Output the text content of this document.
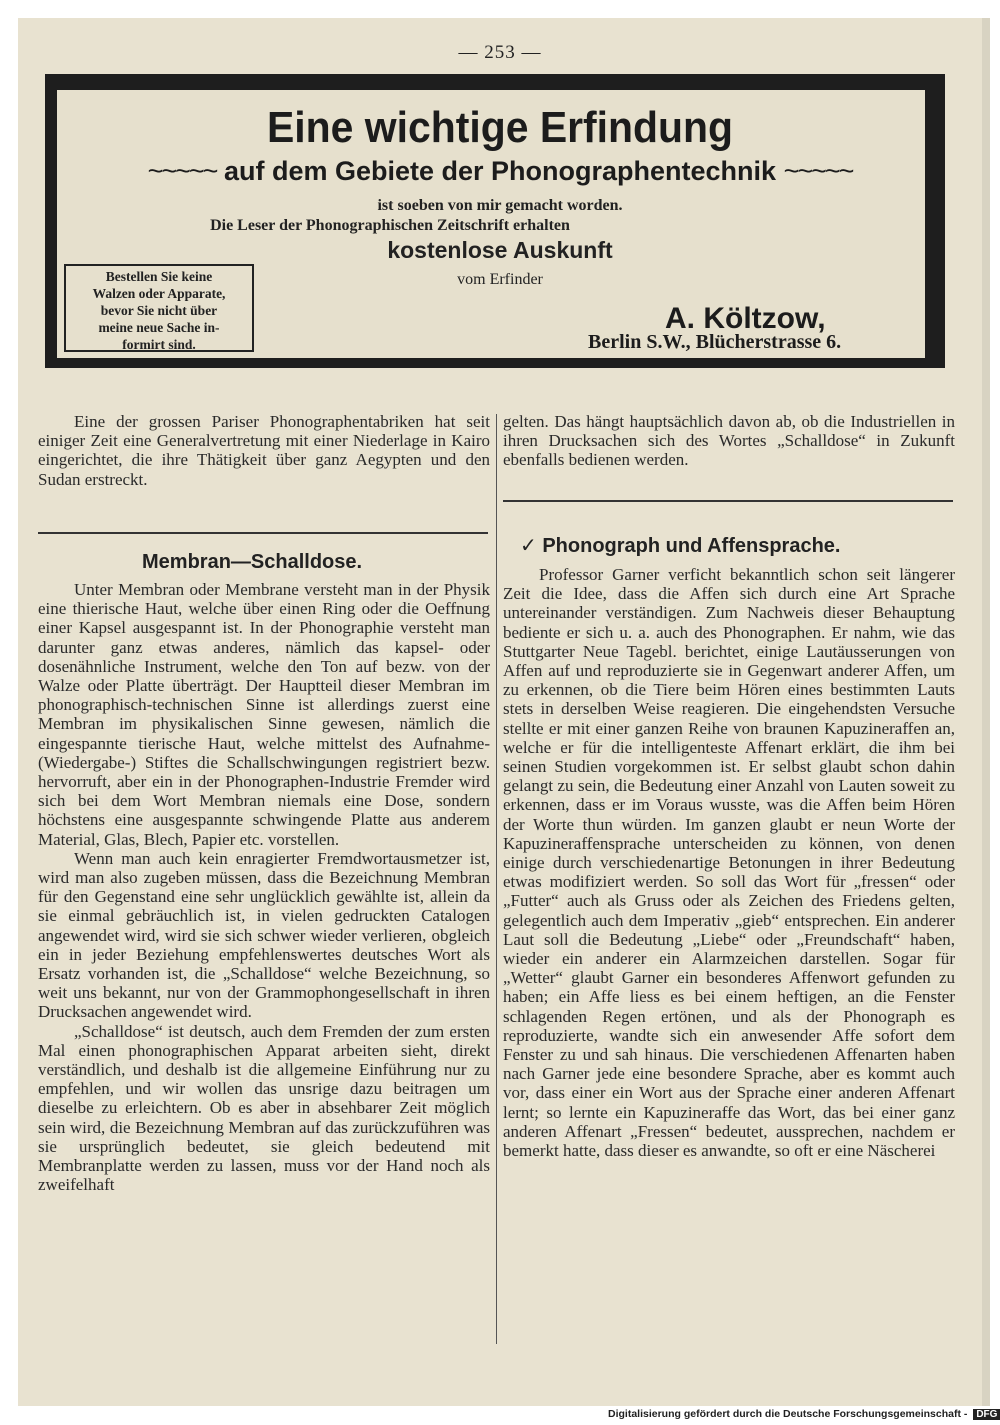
— 253 —
Eine wichtige Erfindung
~~~~~ auf dem Gebiete der Phonographentechnik ~~~~~
ist soeben von mir gemacht worden.
Die Leser der Phonographischen Zeitschrift erhalten
kostenlose Auskunft
vom Erfinder
Bestellen Sie keine
Walzen oder Apparate,
bevor Sie nicht über
meine neue Sache in-
formirt sind.
A. Költzow,
Berlin S.W., Blücherstrasse 6.

Eine der grossen Pariser Phonographentabriken hat seit einiger Zeit eine Generalvertretung mit einer Niederlage in Kairo eingerichtet, die ihre Thätigkeit über ganz Aegypten und den Sudan erstreckt.

Membran—Schalldose.

Unter Membran oder Membrane versteht man in der Physik eine thierische Haut, welche über einen Ring oder die Oeffnung einer Kapsel ausgespannt ist. In der Phonographie versteht man darunter ganz etwas anderes, nämlich das kapsel- oder dosenähnliche Instrument, welche den Ton auf bezw. von der Walze oder Platte überträgt. Der Hauptteil dieser Membran im phonographisch-technischen Sinne ist allerdings zuerst eine Membran im physikalischen Sinne gewesen, nämlich die eingespannte tierische Haut, welche mittelst des Aufnahme- (Wiedergabe-) Stiftes die Schallschwingungen registriert bezw. hervorruft, aber ein in der Phonographen-Industrie Fremder wird sich bei dem Wort Membran niemals eine Dose, sondern höchstens eine ausgespannte schwingende Platte aus anderem Material, Glas, Blech, Papier etc. vorstellen.

Wenn man auch kein enragierter Fremdwortausmetzer ist, wird man also zugeben müssen, dass die Bezeichnung Membran für den Gegenstand eine sehr unglücklich gewählte ist, allein da sie einmal gebräuchlich ist, in vielen gedruckten Catalogen angewendet wird, wird sie sich schwer wieder verlieren, obgleich ein in jeder Beziehung empfehlenswertes deutsches Wort als Ersatz vorhanden ist, die „Schalldose“ welche Bezeichnung, so weit uns bekannt, nur von der Grammophongesellschaft in ihren Drucksachen angewendet wird.

„Schalldose“ ist deutsch, auch dem Fremden der zum ersten Mal einen phonographischen Apparat arbeiten sieht, direkt verständlich, und deshalb ist die allgemeine Einführung nur zu empfehlen, und wir wollen das unsrige dazu beitragen um dieselbe zu erleichtern. Ob es aber in absehbarer Zeit möglich sein wird, die Bezeichnung Membran auf das zurückzuführen was sie ursprünglich bedeutet, sie gleich bedeutend mit Membranplatte werden zu lassen, muss vor der Hand noch als zweifelhaft

gelten. Das hängt hauptsächlich davon ab, ob die Industriellen in ihren Drucksachen sich des Wortes „Schalldose“ in Zukunft ebenfalls bedienen werden.

✓ Phonograph und Affensprache.

Professor Garner verficht bekanntlich schon seit längerer Zeit die Idee, dass die Affen sich durch eine Art Sprache untereinander verständigen. Zum Nachweis dieser Behauptung bediente er sich u. a. auch des Phonographen. Er nahm, wie das Stuttgarter Neue Tagebl. berichtet, einige Lautäusserungen von Affen auf und reproduzierte sie in Gegenwart anderer Affen, um zu erkennen, ob die Tiere beim Hören eines bestimmten Lauts stets in derselben Weise reagieren. Die eingehendsten Versuche stellte er mit einer ganzen Reihe von braunen Kapuzineraffen an, welche er für die intelligenteste Affenart erklärt, die ihm bei seinen Studien vorgekommen ist. Er selbst glaubt schon dahin gelangt zu sein, die Bedeutung einer Anzahl von Lauten soweit zu erkennen, dass er im Voraus wusste, was die Affen beim Hören der Worte thun würden. Im ganzen glaubt er neun Worte der Kapuzineraffensprache unterscheiden zu können, von denen einige durch verschiedenartige Betonungen in ihrer Bedeutung etwas modifiziert werden. So soll das Wort für „fressen“ oder „Futter“ auch als Gruss oder als Zeichen des Friedens gelten, gelegentlich auch dem Imperativ „gieb“ entsprechen. Ein anderer Laut soll die Bedeutung „Liebe“ oder „Freundschaft“ haben, wieder ein anderer ein Alarmzeichen darstellen. Sogar für „Wetter“ glaubt Garner ein besonderes Affenwort gefunden zu haben; ein Affe liess es bei einem heftigen, an die Fenster schlagenden Regen ertönen, und als der Phonograph es reproduzierte, wandte sich ein anwesender Affe sofort dem Fenster zu und sah hinaus. Die verschiedenen Affenarten haben nach Garner jede eine besondere Sprache, aber es kommt auch vor, dass einer ein Wort aus der Sprache einer anderen Affenart lernt; so lernte ein Kapuzineraffe das Wort, das bei einer ganz anderen Affenart „Fressen“ bedeutet, aussprechen, nachdem er bemerkt hatte, dass dieser es anwandte, so oft er eine Näscherei

Digitalisierung gefördert durch die Deutsche Forschungsgemeinschaft - DFG
